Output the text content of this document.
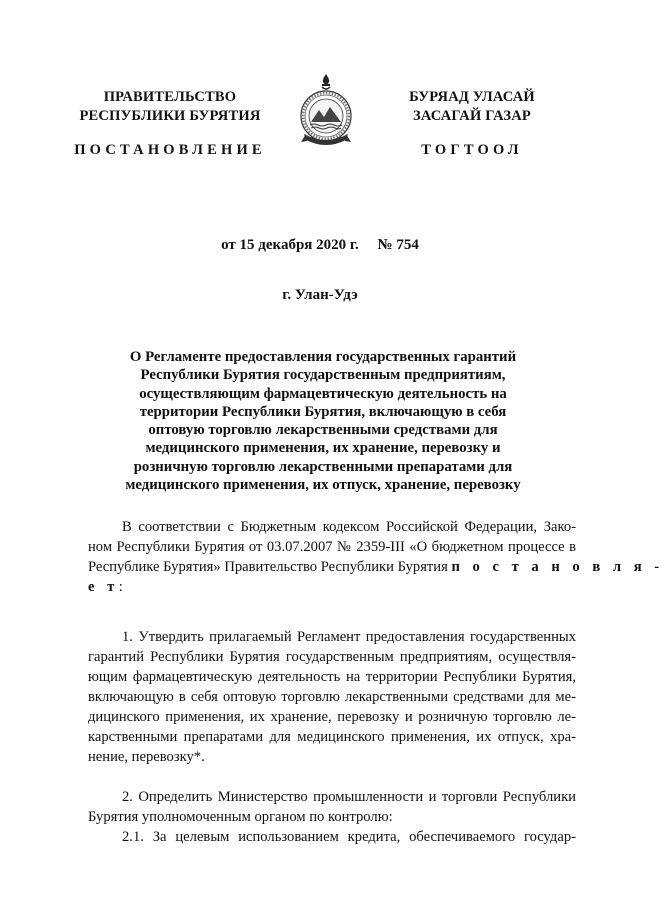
ПРАВИТЕЛЬСТВО
РЕСПУБЛИКИ БУРЯТИЯ
БУРЯАД УЛАСАЙ
ЗАСАГАЙ ГАЗАР
ПОСТАНОВЛЕНИЕ	ТОГТООЛ
от 15 декабря 2020 г.     № 754
г. Улан-Удэ
О Регламенте предоставления государственных гарантий
Республики Бурятия государственным предприятиям,
осуществляющим фармацевтическую деятельность на
территории Республики Бурятия, включающую в себя
оптовую торговлю лекарственными средствами для
медицинского применения, их хранение, перевозку и
розничную торговлю лекарственными препаратами для
медицинского применения, их отпуск, хранение, перевозку
В соответствии с Бюджетным кодексом Российской Федерации, Зако-
ном Республики Бурятия от 03.07.2007 № 2359-III «О бюджетном процессе в
Республике Бурятия» Правительство Республики Бурятия п о с т а н о в л я -
е т:
1. Утвердить прилагаемый Регламент предоставления государственных
гарантий Республики Бурятия государственным предприятиям, осуществля-
ющим фармацевтическую деятельность на территории Республики Бурятия,
включающую в себя оптовую торговлю лекарственными средствами для ме-
дицинского применения, их хранение, перевозку и розничную торговлю ле-
карственными препаратами для медицинского применения, их отпуск, хра-
нение, перевозку*.
2. Определить Министерство промышленности и торговли Республики
Бурятия уполномоченным органом по контролю:
2.1. За целевым использованием кредита, обеспечиваемого государ-
